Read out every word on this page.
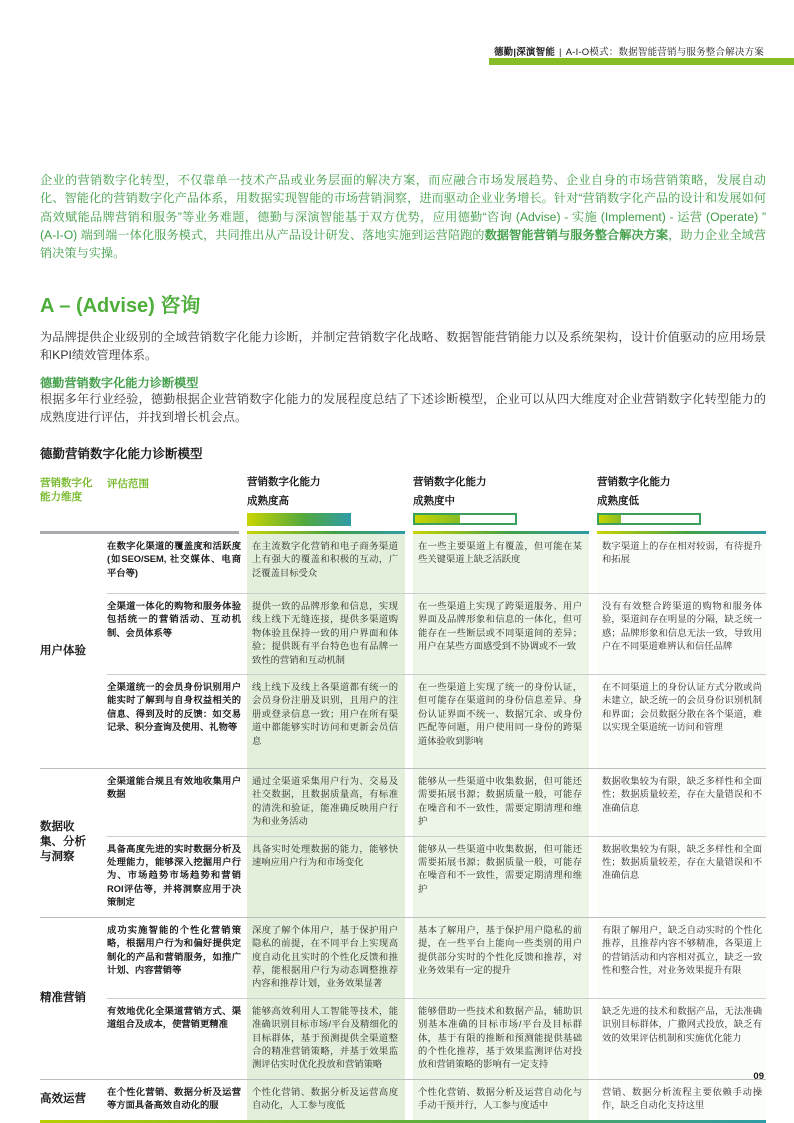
德勤|深演智能 | A-I-O模式：数据智能营销与服务整合解决方案
企业的营销数字化转型，不仅靠单一技术产品或业务层面的解决方案，而应融合市场发展趋势、企业自身的市场营销策略，发展自动化、智能化的营销数字化产品体系，用数据实现智能的市场营销洞察，进而驱动企业业务增长。针对“营销数字化产品的设计和发展如何高效赋能品牌营销和服务”等业务难题，德勤与深演智能基于双方优势，应用德勤“咨询 (Advise) - 实施 (Implement) - 运营 (Operate) ” (A-I-O) 端到端一体化服务模式，共同推出从产品设计研发、落地实施到运营陪跑的数据智能营销与服务整合解决方案，助力企业全域营销决策与实操。
A – (Advise) 咨询
为品牌提供企业级别的全域营销数字化能力诊断，并制定营销数字化战略、数据智能营销能力以及系统架构，设计价值驱动的应用场景和KPI绩效管理体系。
德勤营销数字化能力诊断模型
根据多年行业经验，德勤根据企业营销数字化能力的发展程度总结了下述诊断模型，企业可以从四大维度对企业营销数字化转型能力的成熟度进行评估，并找到增长机会点。
德勤营销数字化能力诊断模型
营销数字化
能力维度
评估范围	营销数字化能力
成熟度高
营销数字化能力
成熟度中
营销数字化能力
成熟度低
用户体验
在数字化渠道的覆盖度和活跃度 (如SEO/SEM, 社交媒体、电商平台等)
在主流数字化营销和电子商务渠道上有强大的覆盖和积极的互动，广泛覆盖目标受众
在一些主要渠道上有覆盖，但可能在某些关键渠道上缺乏活跃度
数字渠道上的存在相对较弱，有待提升和拓展
全渠道一体化的购物和服务体验包括统一的营销活动、互动机制、会员体系等
提供一致的品牌形象和信息，实现线上线下无缝连接，提供多渠道购物体验且保持一致的用户界面和体验；提供既有平台特色也有品牌一致性的营销和互动机制
在一些渠道上实现了跨渠道服务、用户界面及品牌形象和信息的一体化，但可能存在一些断层或不同渠道间的差异；用户在某些方面感受到不协调或不一致
没有有效整合跨渠道的购物和服务体验，渠道间存在明显的分隔，缺乏统一感；品牌形象和信息无法一致，导致用户在不同渠道难辨认和信任品牌
全渠道统一的会员身份识别用户能实时了解到与自身权益相关的信息、得到及时的反馈：如交易记录、积分查询及使用、礼物等
线上线下及线上各渠道都有统一的会员身份注册及识别，且用户的注册或登录信息一致；用户在所有渠道中都能够实时访问和更新会员信息
在一些渠道上实现了统一的身份认证，但可能存在渠道间的身份信息差异、身份认证界面不统一、数据冗余、或身份匹配等问题，用户使用同一身份的跨渠道体验收到影响
在不同渠道上的身份认证方式分散或尚未建立，缺乏统一的会员身份识别机制和界面；会员数据分散在各个渠道，难以实现全渠道统一访问和管理
数据收集、分析与洞察
全渠道能合规且有效地收集用户数据
通过全渠道采集用户行为、交易及社交数据，且数据质量高，有标准的清洗和验证，能准确反映用户行为和业务活动
能够从一些渠道中收集数据，但可能还需要拓展书源；数据质量一般，可能存在噪音和不一致性，需要定期清理和维护
数据收集较为有限，缺乏多样性和全面性；数据质量较差，存在大量错误和不准确信息
具备高度先进的实时数据分析及处理能力，能够深入挖掘用户行为、市场趋势市场趋势和营销ROI评估等，并将洞察应用于决策制定
具备实时处理数据的能力，能够快速响应用户行为和市场变化
能够从一些渠道中收集数据，但可能还需要拓展书源；数据质量一般，可能存在噪音和不一致性，需要定期清理和维护
数据收集较为有限，缺乏多样性和全面性；数据质量较差，存在大量错误和不准确信息
精准营销
成功实施智能的个性化营销策略，根据用户行为和偏好提供定制化的产品和营销服务，如推广计划、内容营销等
深度了解个体用户，基于保护用户隐私的前提，在不同平台上实现高度自动化且实时的个性化反馈和推荐，能根据用户行为动态调整推荐内容和推荐计划，业务效果显著
基本了解用户，基于保护用户隐私的前提，在一些平台上能向一些类别的用户提供部分实时的个性化反馈和推荐，对业务效果有一定的提升
有限了解用户，缺乏自动实时的个性化推荐，且推荐内容不够精准，各渠道上的营销活动和内容相对孤立，缺乏一致性和整合性，对业务效果提升有限
有效地优化全渠道营销方式、渠道组合及成本，使营销更精准
能够高效利用人工智能等技术，能准确识别目标市场/平台及精细化的目标群体，基于预测提供全渠道整合的精准营销策略，并基于效果监测评估实时优化投放和营销策略
能够借助一些技术和数据产品，辅助识别基本准确的目标市场/平台及目标群体，基于有限的推断和预测能提供基础的个性化推荐，基于效果监测评估对投放和营销策略的影响有一定支持
缺乏先进的技术和数据产品，无法准确识别目标群体，广撒网式投放，缺乏有效的效果评估机制和实施优化能力
高效运营
在个性化营销、数据分析及运营等方面具备高效自动化的服
个性化营销、数据分析及运营高度自动化，人工参与度低
个性化营销、数据分析及运营自动化与手动干预并行，人工参与度适中
营销、数据分析流程主要依赖手动操作，缺乏自动化支持这里
09
